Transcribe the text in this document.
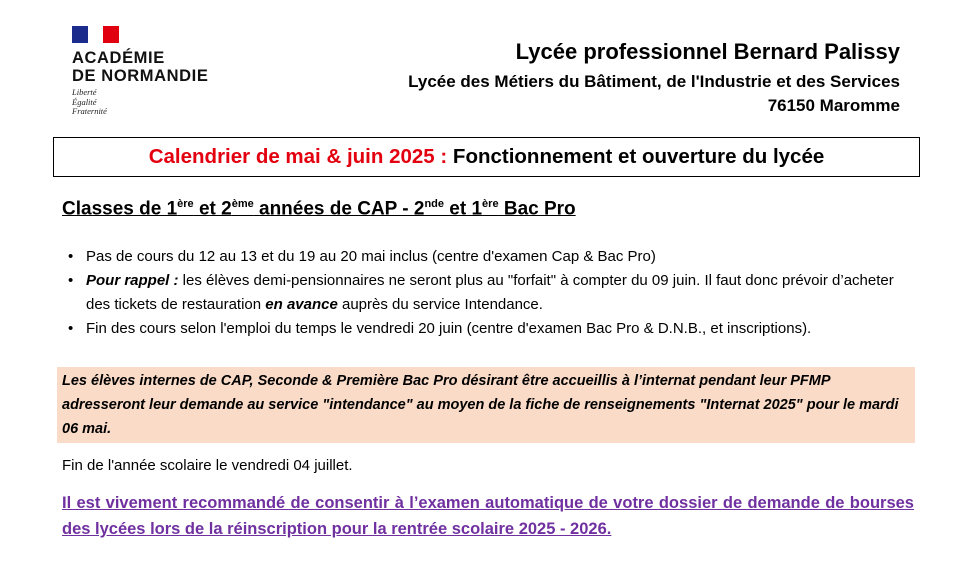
ACADÉMIE
DE NORMANDIE
Liberté
Égalité
Fraternité
Lycée professionnel Bernard Palissy
Lycée des Métiers du Bâtiment, de l'Industrie et des Services
76150 Maromme
Calendrier de mai & juin 2025 : Fonctionnement et ouverture du lycée
Classes de 1ère et 2ème années de CAP - 2nde et 1ère Bac Pro
• Pas de cours du 12 au 13 et du 19 au 20 mai inclus (centre d'examen Cap & Bac Pro)
• Pour rappel : les élèves demi-pensionnaires ne seront plus au "forfait" à compter du 09 juin. Il faut donc prévoir d’acheter des tickets de restauration en avance auprès du service Intendance.
• Fin des cours selon l'emploi du temps le vendredi 20 juin (centre d'examen Bac Pro & D.N.B., et inscriptions).
Les élèves internes de CAP, Seconde & Première Bac Pro désirant être accueillis à l’internat pendant leur PFMP adresseront leur demande au service "intendance" au moyen de la fiche de renseignements "Internat 2025" pour le mardi 06 mai.
Fin de l'année scolaire le vendredi 04 juillet.
Il est vivement recommandé de consentir à l’examen automatique de votre dossier de demande de bourses des lycées lors de la réinscription pour la rentrée scolaire 2025 - 2026.
